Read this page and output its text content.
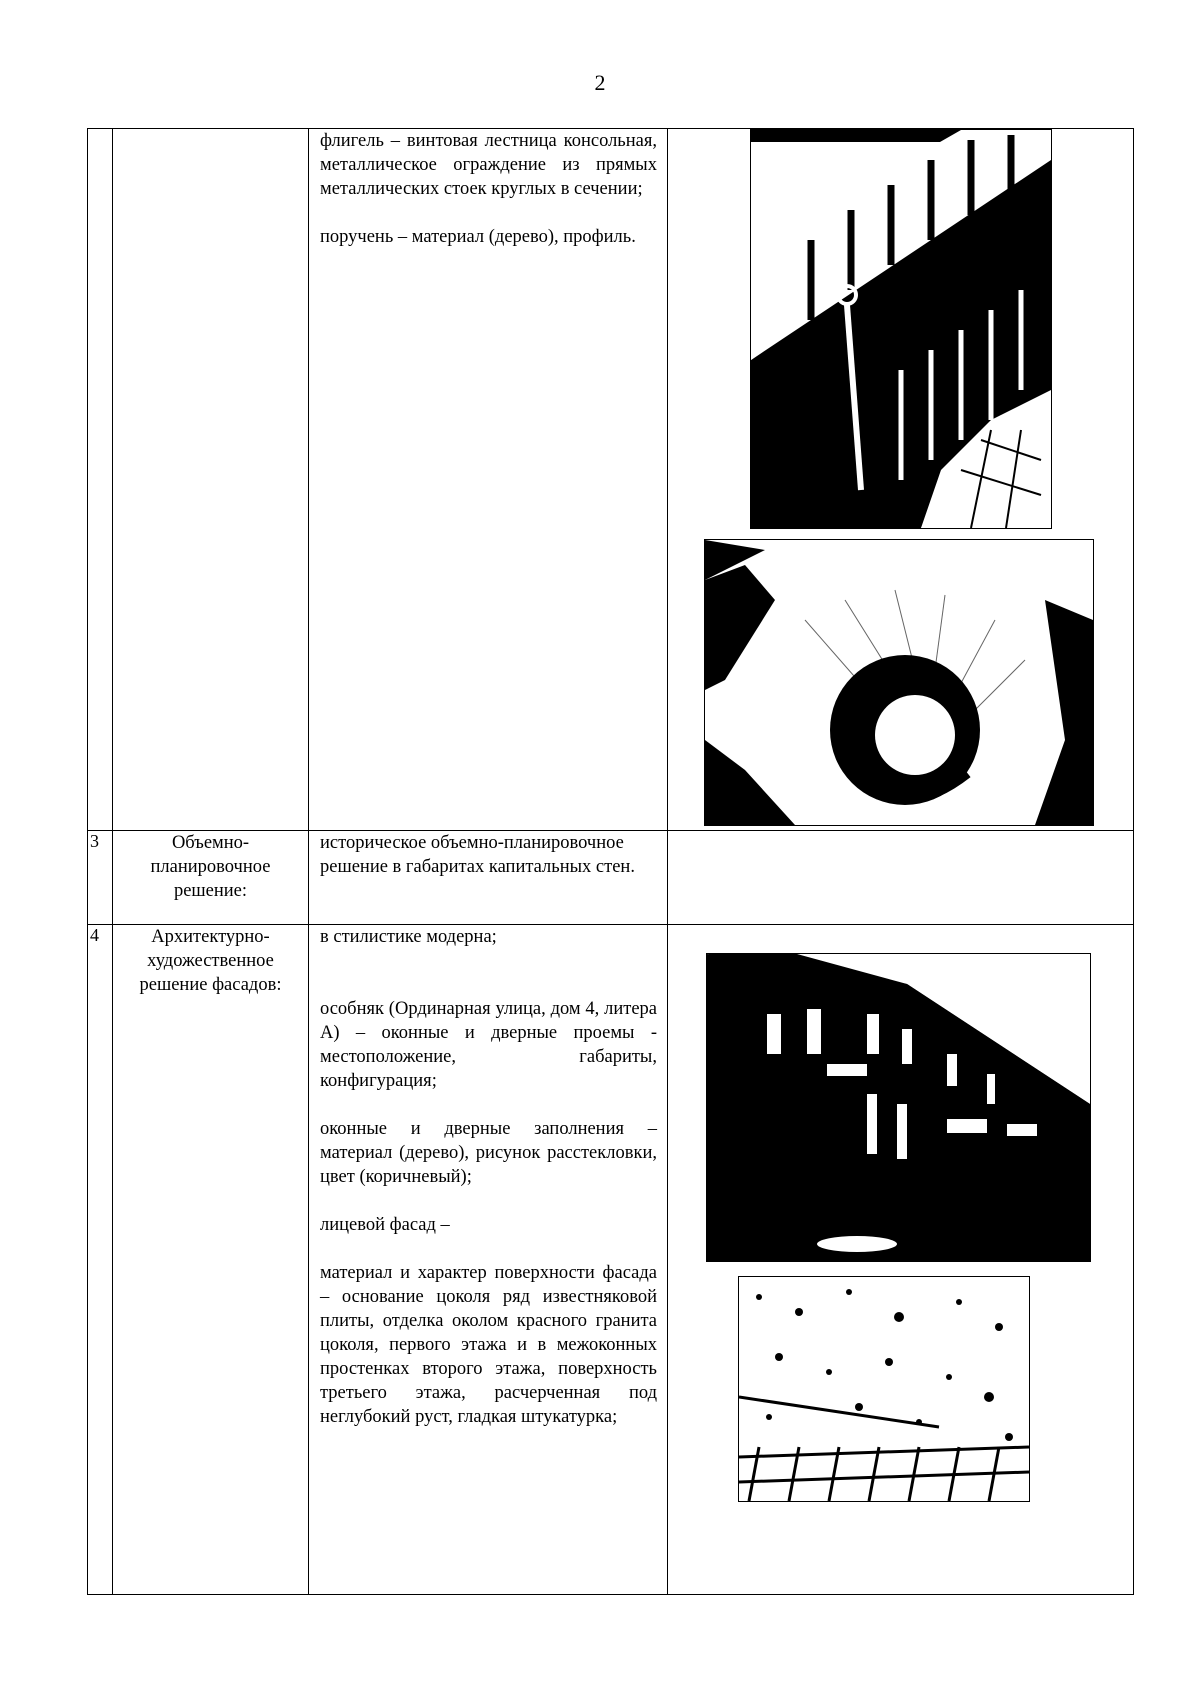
2

		флигель – винтовая лестница консольная, металлическое ограждение из прямых металлических стоек круглых в сечении;

поручень – материал (дерево), профиль.

3	Объемно-планировочное решение:	историческое объемно-планировочное решение в габаритах капитальных стен.	

4	Архитектурно-художественное решение фасадов:	в стилистике модерна;

особняк (Ординарная улица, дом 4, литера А) – оконные и дверные проемы - местоположение, габариты, конфигурация;

оконные и дверные заполнения – материал (дерево), рисунок расстекловки, цвет (коричневый);

лицевой фасад –

материал и характер поверхности фасада – основание цоколя ряд известняковой плиты, отделка околом красного гранита цоколя, первого этажа и в межоконных простенках второго этажа, поверхность третьего этажа, расчерченная под неглубокий руст, гладкая штукатурка;
